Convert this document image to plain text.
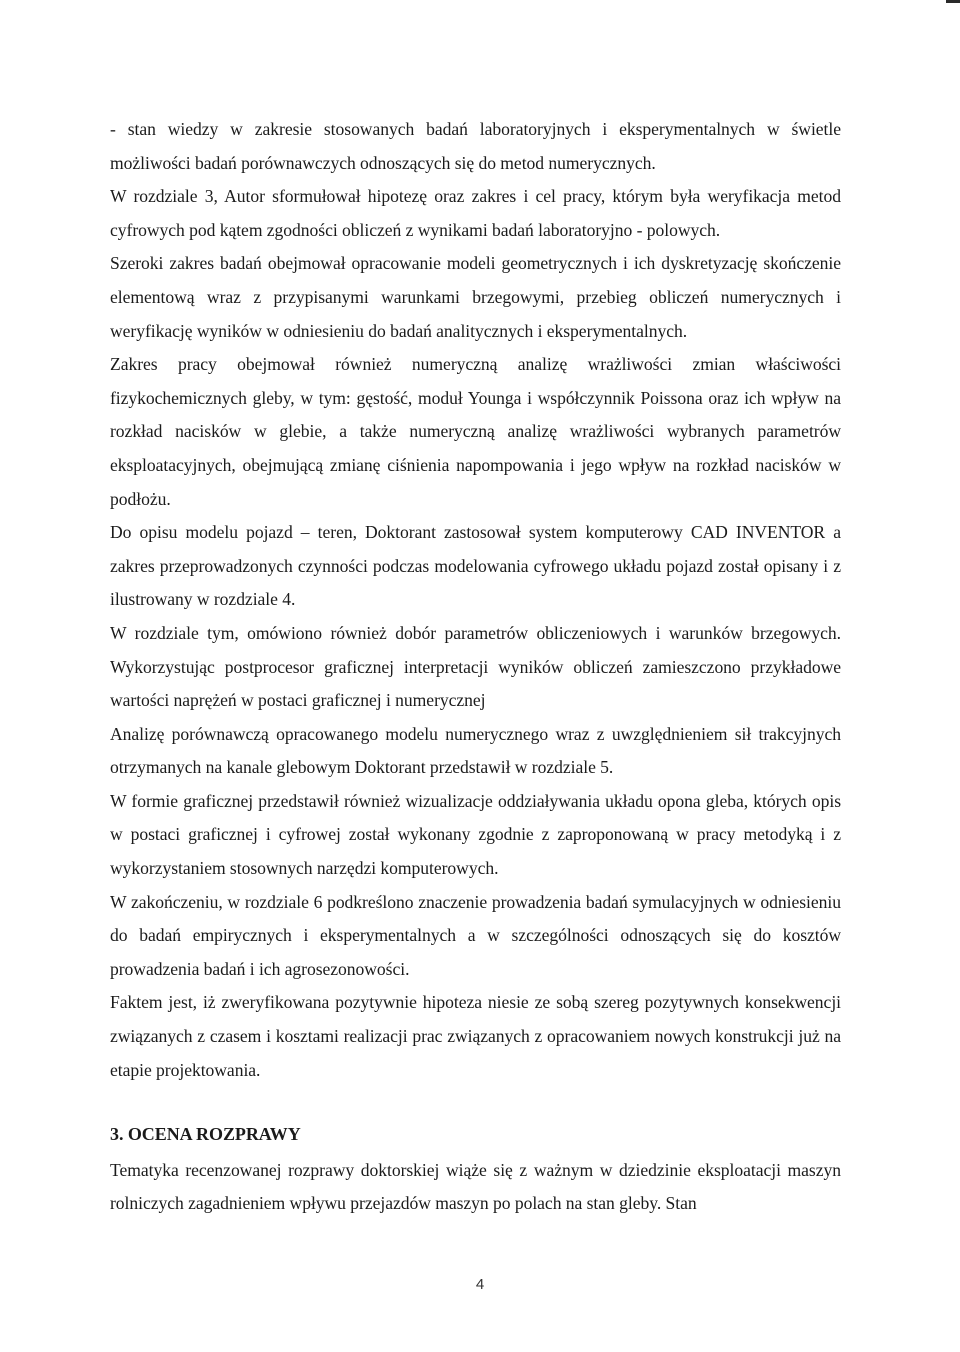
- stan wiedzy w zakresie stosowanych badań laboratoryjnych i eksperymentalnych w świetle możliwości badań porównawczych odnoszących się do metod numerycznych.

W rozdziale 3, Autor sformułował hipotezę oraz zakres i cel pracy, którym była weryfikacja metod cyfrowych pod kątem zgodności obliczeń z wynikami badań laboratoryjno - polowych.

Szeroki zakres badań obejmował opracowanie modeli geometrycznych i ich dyskretyzację skończenie elementową wraz z przypisanymi warunkami brzegowymi, przebieg obliczeń numerycznych i weryfikację wyników w odniesieniu do badań analitycznych i eksperymentalnych.

Zakres pracy obejmował również numeryczną analizę wrażliwości zmian właściwości fizykochemicznych gleby, w tym: gęstość, moduł Younga i współczynnik Poissona oraz ich wpływ na rozkład nacisków w glebie, a także numeryczną analizę wrażliwości wybranych parametrów eksploatacyjnych, obejmującą zmianę ciśnienia napompowania i jego wpływ na rozkład nacisków w podłożu.

Do opisu modelu pojazd – teren, Doktorant zastosował system komputerowy CAD INVENTOR a zakres przeprowadzonych czynności podczas modelowania cyfrowego układu pojazd został opisany i z ilustrowany w rozdziale 4.

W rozdziale tym, omówiono również dobór parametrów obliczeniowych i warunków brzegowych. Wykorzystując postprocesor graficznej interpretacji wyników obliczeń zamieszczono przykładowe wartości naprężeń w postaci graficznej i numerycznej

Analizę porównawczą opracowanego modelu numerycznego wraz z uwzględnieniem sił trakcyjnych otrzymanych na kanale glebowym Doktorant przedstawił w rozdziale 5.

W formie graficznej przedstawił również wizualizacje oddziaływania układu opona gleba, których opis w postaci graficznej i cyfrowej został wykonany zgodnie z zaproponowaną w pracy metodyką i z wykorzystaniem stosownych narzędzi komputerowych.

W zakończeniu, w rozdziale 6 podkreślono znaczenie prowadzenia badań symulacyjnych w odniesieniu do badań empirycznych i eksperymentalnych a w szczególności odnoszących się do kosztów prowadzenia badań i ich agrosezonowości.

Faktem jest, iż zweryfikowana pozytywnie hipoteza niesie ze sobą szereg pozytywnych konsekwencji związanych z czasem i kosztami realizacji prac związanych z opracowaniem nowych konstrukcji już na etapie projektowania.

3. OCENA ROZPRAWY

Tematyka recenzowanej rozprawy doktorskiej wiąże się z ważnym w dziedzinie eksploatacji maszyn rolniczych zagadnieniem wpływu przejazdów maszyn po polach na stan gleby. Stan

4
